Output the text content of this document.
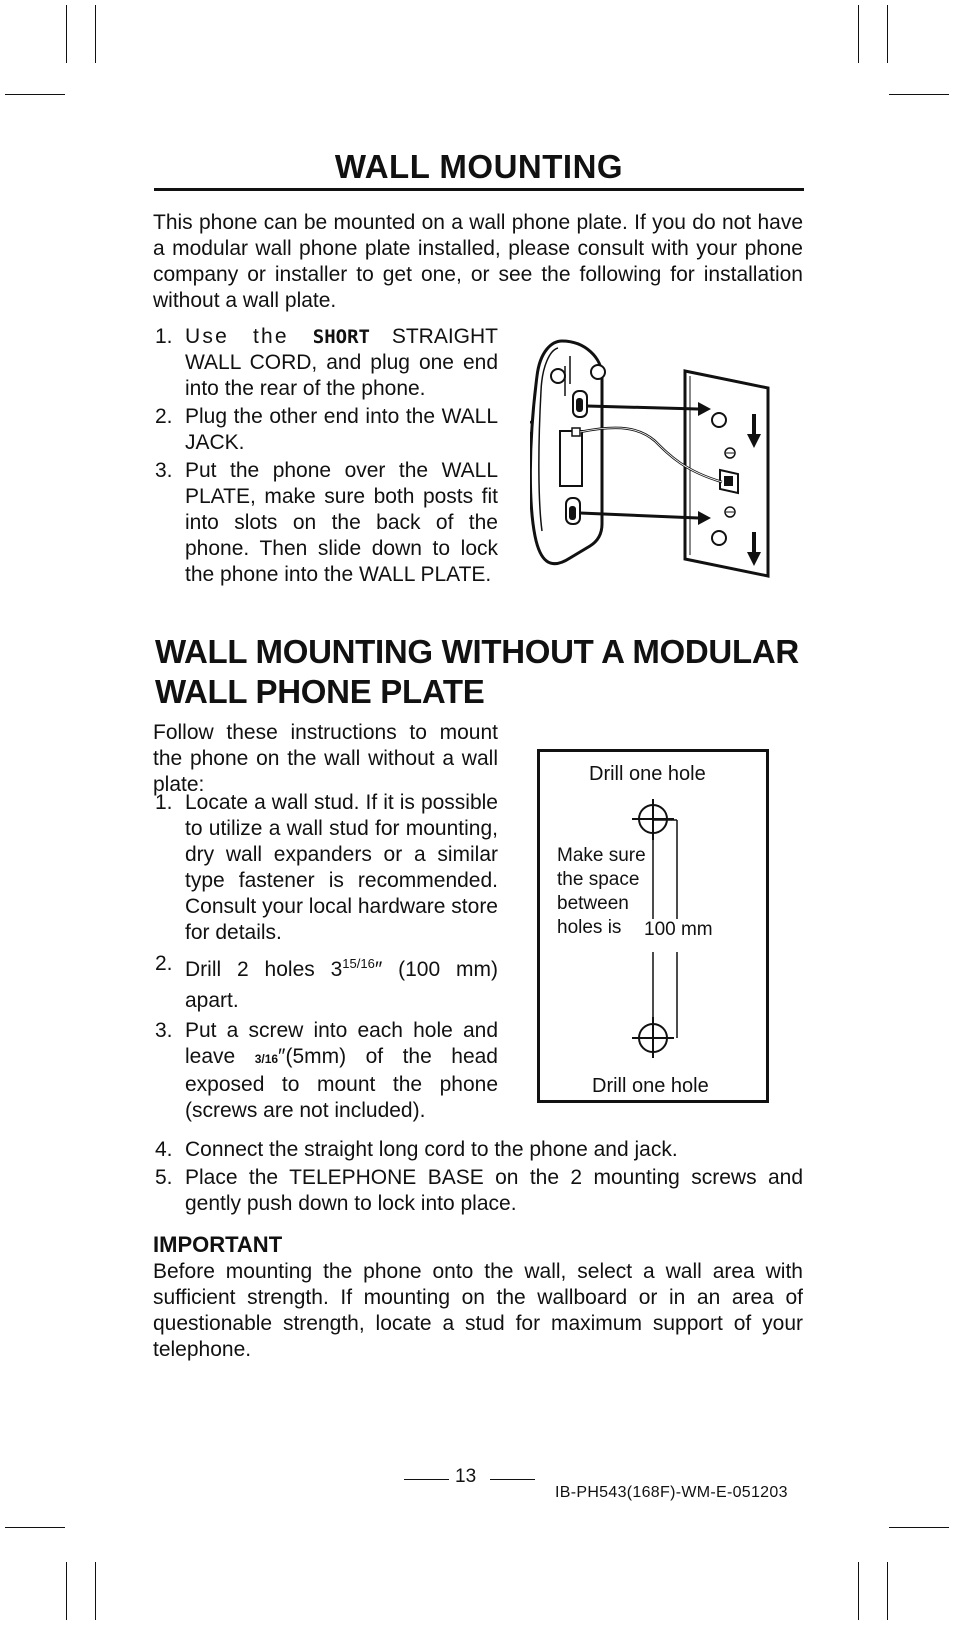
WALL MOUNTING

This phone can be mounted on a wall phone plate. If you do not have a modular wall phone plate installed, please consult with your phone company or installer to get one, or see the following for installation without a wall plate.

1. Use the SHORT STRAIGHT WALL CORD, and plug one end into the rear of the phone.
2. Plug the other end into the WALL JACK.
3. Put the phone over the WALL PLATE, make sure both posts fit into slots on the back of the phone. Then slide down to lock the phone into the WALL PLATE.
WALL MOUNTING WITHOUT A MODULAR
WALL PHONE PLATE

Follow these instructions to mount the phone on the wall without a wall plate:

1. Locate a wall stud. If it is possible to utilize a wall stud for mounting, dry wall expanders or a similar type fastener is recommended. Consult your local hardware store for details.
2. Drill 2 holes $3^{15/16}''$ (100 mm) apart.
3. Put a screw into each hole and leave 3/16″(5mm) of the head exposed to mount the phone (screws are not included).
4. Connect the straight long cord to the phone and jack.
5. Place the TELEPHONE BASE on the 2 mounting screws and gently push down to lock into place.

Drill one hole

Make sure the space between holes is	100 mm

Drill one hole

IMPORTANT

Before mounting the phone onto the wall, select a wall area with sufficient strength. If mounting on the wallboard or in an area of questionable strength, locate a stud for maximum support of your telephone.

13
IB-PH543(168F)-WM-E-051203
